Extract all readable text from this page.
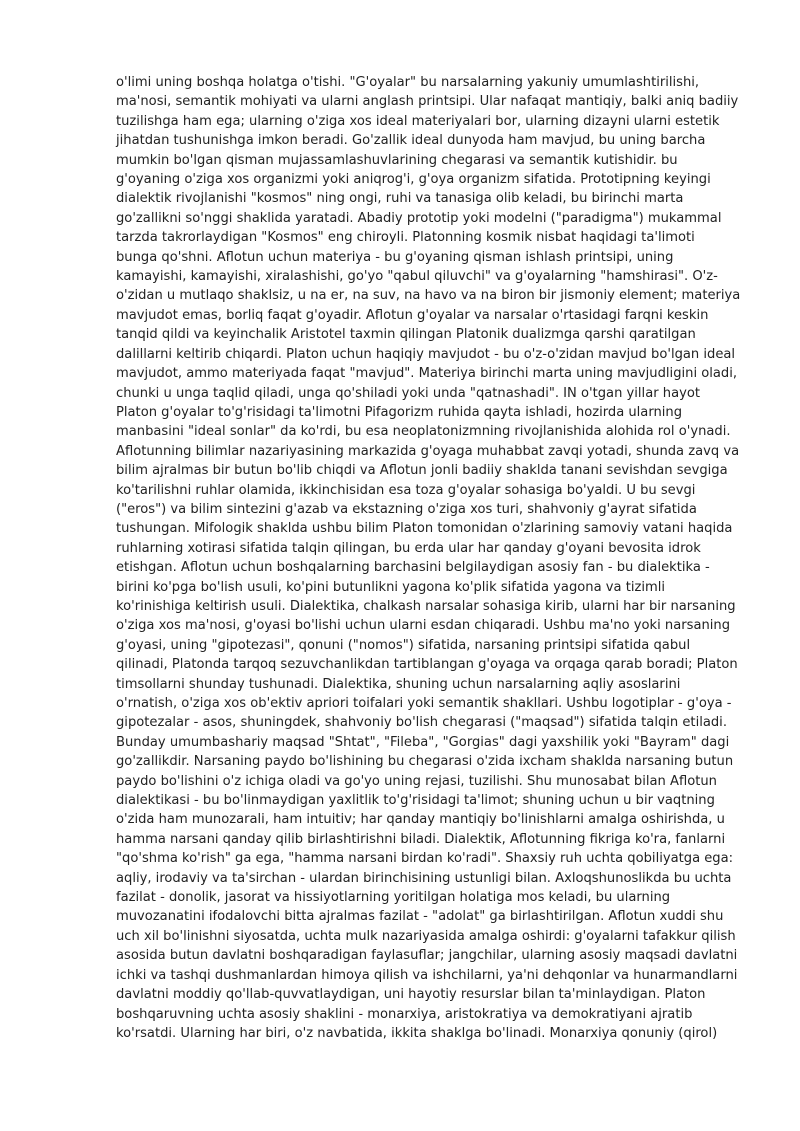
o'limi uning boshqa holatga o'tishi. "G'oyalar" bu narsalarning yakuniy umumlashtirilishi,
ma'nosi, semantik mohiyati va ularni anglash printsipi. Ular nafaqat mantiqiy, balki aniq badiiy
tuzilishga ham ega; ularning o'ziga xos ideal materiyalari bor, ularning dizayni ularni estetik
jihatdan tushunishga imkon beradi. Go'zallik ideal dunyoda ham mavjud, bu uning barcha
mumkin bo'lgan qisman mujassamlashuvlarining chegarasi va semantik kutishidir. bu
g'oyaning o'ziga xos organizmi yoki aniqrog'i, g'oya organizm sifatida. Prototipning keyingi
dialektik rivojlanishi "kosmos" ning ongi, ruhi va tanasiga olib keladi, bu birinchi marta
go'zallikni so'nggi shaklida yaratadi. Abadiy prototip yoki modelni ("paradigma") mukammal
tarzda takrorlaydigan "Kosmos" eng chiroyli. Platonning kosmik nisbat haqidagi ta'limoti
bunga qo'shni. Aflotun uchun materiya - bu g'oyaning qisman ishlash printsipi, uning
kamayishi, kamayishi, xiralashishi, go'yo "qabul qiluvchi" va g'oyalarning "hamshirasi". O'z-
o'zidan u mutlaqo shaklsiz, u na er, na suv, na havo va na biron bir jismoniy element; materiya
mavjudot emas, borliq faqat g'oyadir. Aflotun g'oyalar va narsalar o'rtasidagi farqni keskin
tanqid qildi va keyinchalik Aristotel taxmin qilingan Platonik dualizmga qarshi qaratilgan
dalillarni keltirib chiqardi. Platon uchun haqiqiy mavjudot - bu o'z-o'zidan mavjud bo'lgan ideal
mavjudot, ammo materiyada faqat "mavjud". Materiya birinchi marta uning mavjudligini oladi,
chunki u unga taqlid qiladi, unga qo'shiladi yoki unda "qatnashadi". IN o'tgan yillar hayot
Platon g'oyalar to'g'risidagi ta'limotni Pifagorizm ruhida qayta ishladi, hozirda ularning
manbasini "ideal sonlar" da ko'rdi, bu esa neoplatonizmning rivojlanishida alohida rol o'ynadi.
Aflotunning bilimlar nazariyasining markazida g'oyaga muhabbat zavqi yotadi, shunda zavq va
bilim ajralmas bir butun bo'lib chiqdi va Aflotun jonli badiiy shaklda tanani sevishdan sevgiga
ko'tarilishni ruhlar olamida, ikkinchisidan esa toza g'oyalar sohasiga bo'yaldi. U bu sevgi
("eros") va bilim sintezini g'azab va ekstazning o'ziga xos turi, shahvoniy g'ayrat sifatida
tushungan. Mifologik shaklda ushbu bilim Platon tomonidan o'zlarining samoviy vatani haqida
ruhlarning xotirasi sifatida talqin qilingan, bu erda ular har qanday g'oyani bevosita idrok
etishgan. Aflotun uchun boshqalarning barchasini belgilaydigan asosiy fan - bu dialektika -
birini ko'pga bo'lish usuli, ko'pini butunlikni yagona ko'plik sifatida yagona va tizimli
ko'rinishiga keltirish usuli. Dialektika, chalkash narsalar sohasiga kirib, ularni har bir narsaning
o'ziga xos ma'nosi, g'oyasi bo'lishi uchun ularni esdan chiqaradi. Ushbu ma'no yoki narsaning
g'oyasi, uning "gipotezasi", qonuni ("nomos") sifatida, narsaning printsipi sifatida qabul
qilinadi, Platonda tarqoq sezuvchanlikdan tartiblangan g'oyaga va orqaga qarab boradi; Platon
timsollarni shunday tushunadi. Dialektika, shuning uchun narsalarning aqliy asoslarini
o'rnatish, o'ziga xos ob'ektiv apriori toifalari yoki semantik shakllari. Ushbu logotiplar - g'oya -
gipotezalar - asos, shuningdek, shahvoniy bo'lish chegarasi ("maqsad") sifatida talqin etiladi.
Bunday umumbashariy maqsad "Shtat", "Fileba", "Gorgias" dagi yaxshilik yoki "Bayram" dagi
go'zallikdir. Narsaning paydo bo'lishining bu chegarasi o'zida ixcham shaklda narsaning butun
paydo bo'lishini o'z ichiga oladi va go'yo uning rejasi, tuzilishi. Shu munosabat bilan Aflotun
dialektikasi - bu bo'linmaydigan yaxlitlik to'g'risidagi ta'limot; shuning uchun u bir vaqtning
o'zida ham munozarali, ham intuitiv; har qanday mantiqiy bo'linishlarni amalga oshirishda, u
hamma narsani qanday qilib birlashtirishni biladi. Dialektik, Aflotunning fikriga ko'ra, fanlarni
"qo'shma ko'rish" ga ega, "hamma narsani birdan ko'radi". Shaxsiy ruh uchta qobiliyatga ega:
aqliy, irodaviy va ta'sirchan - ulardan birinchisining ustunligi bilan. Axloqshunoslikda bu uchta
fazilat - donolik, jasorat va hissiyotlarning yoritilgan holatiga mos keladi, bu ularning
muvozanatini ifodalovchi bitta ajralmas fazilat - "adolat" ga birlashtirilgan. Aflotun xuddi shu
uch xil bo'linishni siyosatda, uchta mulk nazariyasida amalga oshirdi: g'oyalarni tafakkur qilish
asosida butun davlatni boshqaradigan faylasuflar; jangchilar, ularning asosiy maqsadi davlatni
ichki va tashqi dushmanlardan himoya qilish va ishchilarni, ya'ni dehqonlar va hunarmandlarni
davlatni moddiy qo'llab-quvvatlaydigan, uni hayotiy resurslar bilan ta'minlaydigan. Platon
boshqaruvning uchta asosiy shaklini - monarxiya, aristokratiya va demokratiyani ajratib
ko'rsatdi. Ularning har biri, o'z navbatida, ikkita shaklga bo'linadi. Monarxiya qonuniy (qirol)
